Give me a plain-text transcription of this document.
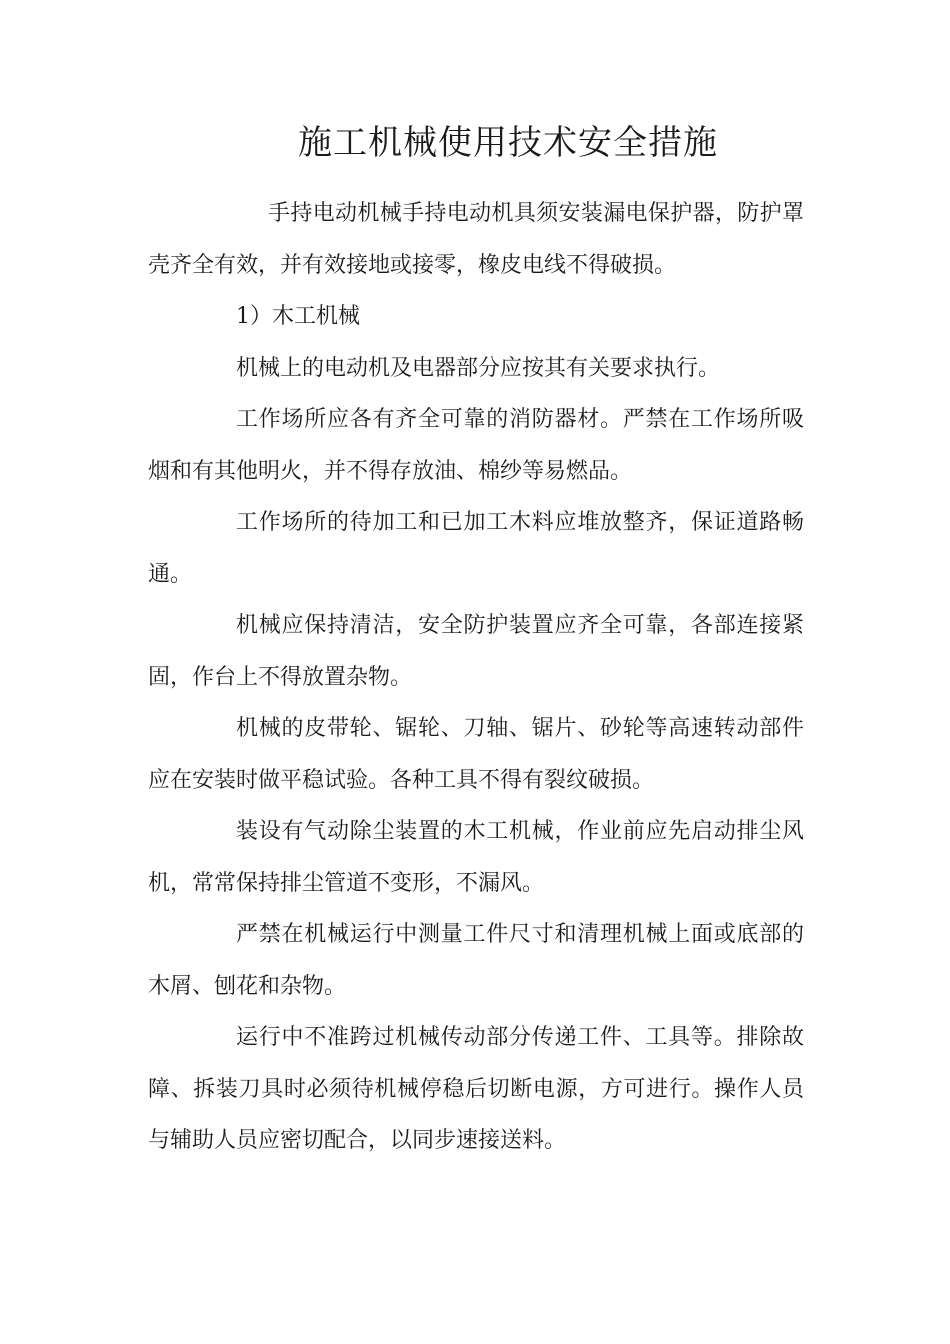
施工机械使用技术安全措施

手持电动机械手持电动机具须安装漏电保护器，防护罩壳齐全有效，并有效接地或接零，橡皮电线不得破损。

1）木工机械

机械上的电动机及电器部分应按其有关要求执行。

工作场所应各有齐全可靠的消防器材。严禁在工作场所吸烟和有其他明火，并不得存放油、棉纱等易燃品。

工作场所的待加工和已加工木料应堆放整齐，保证道路畅通。

机械应保持清洁，安全防护装置应齐全可靠，各部连接紧固，作台上不得放置杂物。

机械的皮带轮、锯轮、刀轴、锯片、砂轮等高速转动部件应在安装时做平稳试验。各种工具不得有裂纹破损。

装设有气动除尘装置的木工机械，作业前应先启动排尘风机，常常保持排尘管道不变形，不漏风。

严禁在机械运行中测量工件尺寸和清理机械上面或底部的木屑、刨花和杂物。

运行中不准跨过机械传动部分传递工件、工具等。排除故障、拆装刀具时必须待机械停稳后切断电源，方可进行。操作人员与辅助人员应密切配合，以同步速接送料。
